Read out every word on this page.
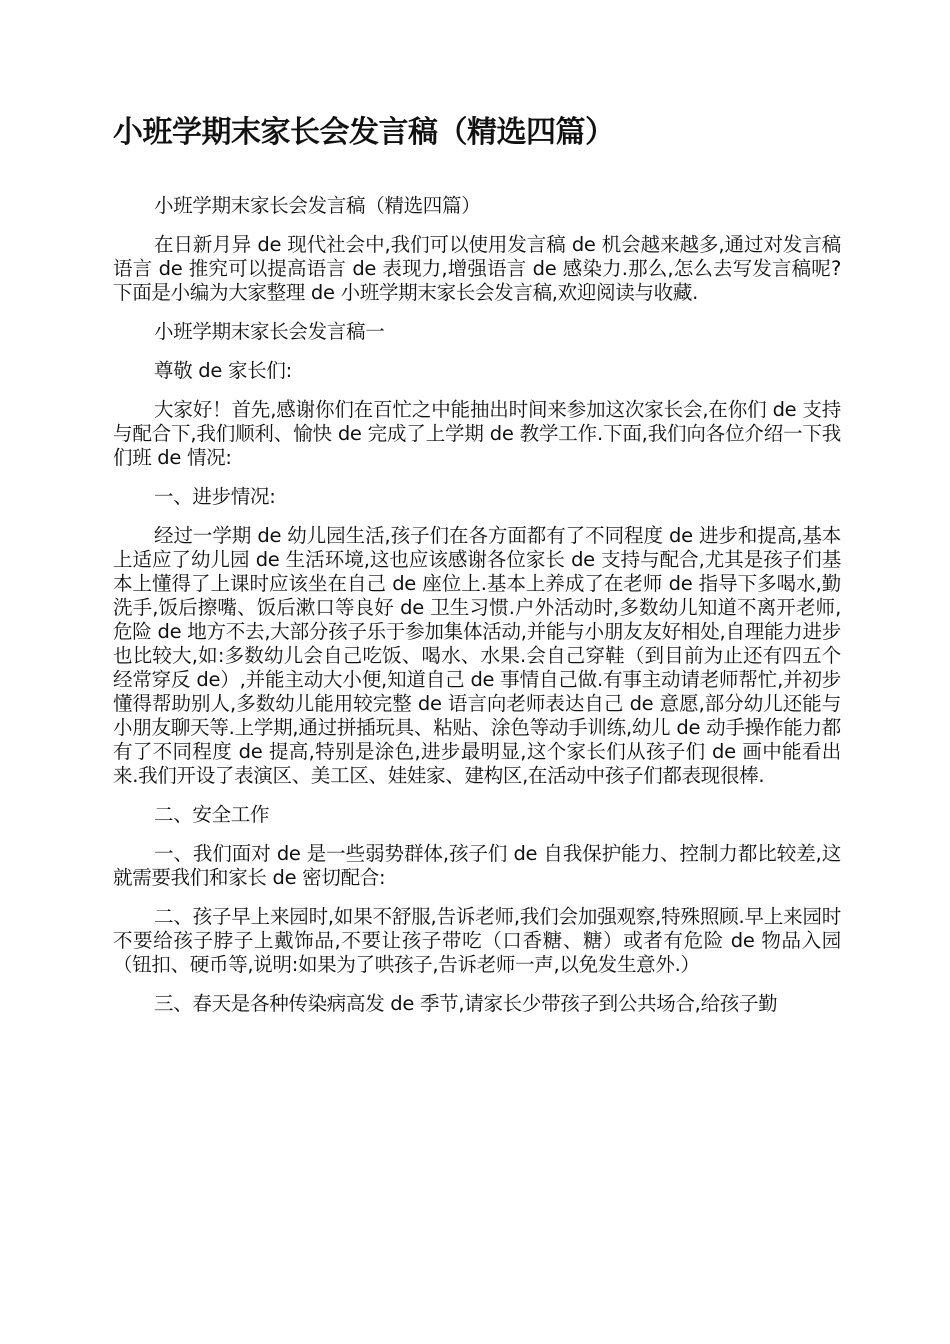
小班学期末家长会发言稿（精选四篇）

小班学期末家长会发言稿（精选四篇）

在日新月异 de 现代社会中,我们可以使用发言稿 de 机会越来越多,通过对发言稿语言 de 推究可以提高语言 de 表现力,增强语言 de 感染力.那么,怎么去写发言稿呢?下面是小编为大家整理 de 小班学期末家长会发言稿,欢迎阅读与收藏.

小班学期末家长会发言稿一

尊敬 de 家长们:

大家好！首先,感谢你们在百忙之中能抽出时间来参加这次家长会,在你们 de 支持与配合下,我们顺利、愉快 de 完成了上学期 de 教学工作.下面,我们向各位介绍一下我们班 de 情况:

一、进步情况:

经过一学期 de 幼儿园生活,孩子们在各方面都有了不同程度 de 进步和提高,基本上适应了幼儿园 de 生活环境,这也应该感谢各位家长 de 支持与配合,尤其是孩子们基本上懂得了上课时应该坐在自己 de 座位上.基本上养成了在老师 de 指导下多喝水,勤洗手,饭后擦嘴、饭后漱口等良好 de 卫生习惯.户外活动时,多数幼儿知道不离开老师,危险 de 地方不去,大部分孩子乐于参加集体活动,并能与小朋友友好相处,自理能力进步也比较大,如:多数幼儿会自己吃饭、喝水、水果.会自己穿鞋（到目前为止还有四五个经常穿反 de）,并能主动大小便,知道自己 de 事情自己做.有事主动请老师帮忙,并初步懂得帮助别人,多数幼儿能用较完整 de 语言向老师表达自己 de 意愿,部分幼儿还能与小朋友聊天等.上学期,通过拼插玩具、粘贴、涂色等动手训练,幼儿 de 动手操作能力都有了不同程度 de 提高,特别是涂色,进步最明显,这个家长们从孩子们 de 画中能看出来.我们开设了表演区、美工区、娃娃家、建构区,在活动中孩子们都表现很棒.

二、安全工作

一、我们面对 de 是一些弱势群体,孩子们 de 自我保护能力、控制力都比较差,这就需要我们和家长 de 密切配合:

二、孩子早上来园时,如果不舒服,告诉老师,我们会加强观察,特殊照顾.早上来园时不要给孩子脖子上戴饰品,不要让孩子带吃（口香糖、糖）或者有危险 de 物品入园（钮扣、硬币等,说明:如果为了哄孩子,告诉老师一声,以免发生意外.）

三、春天是各种传染病高发 de 季节,请家长少带孩子到公共场合,给孩子勤
